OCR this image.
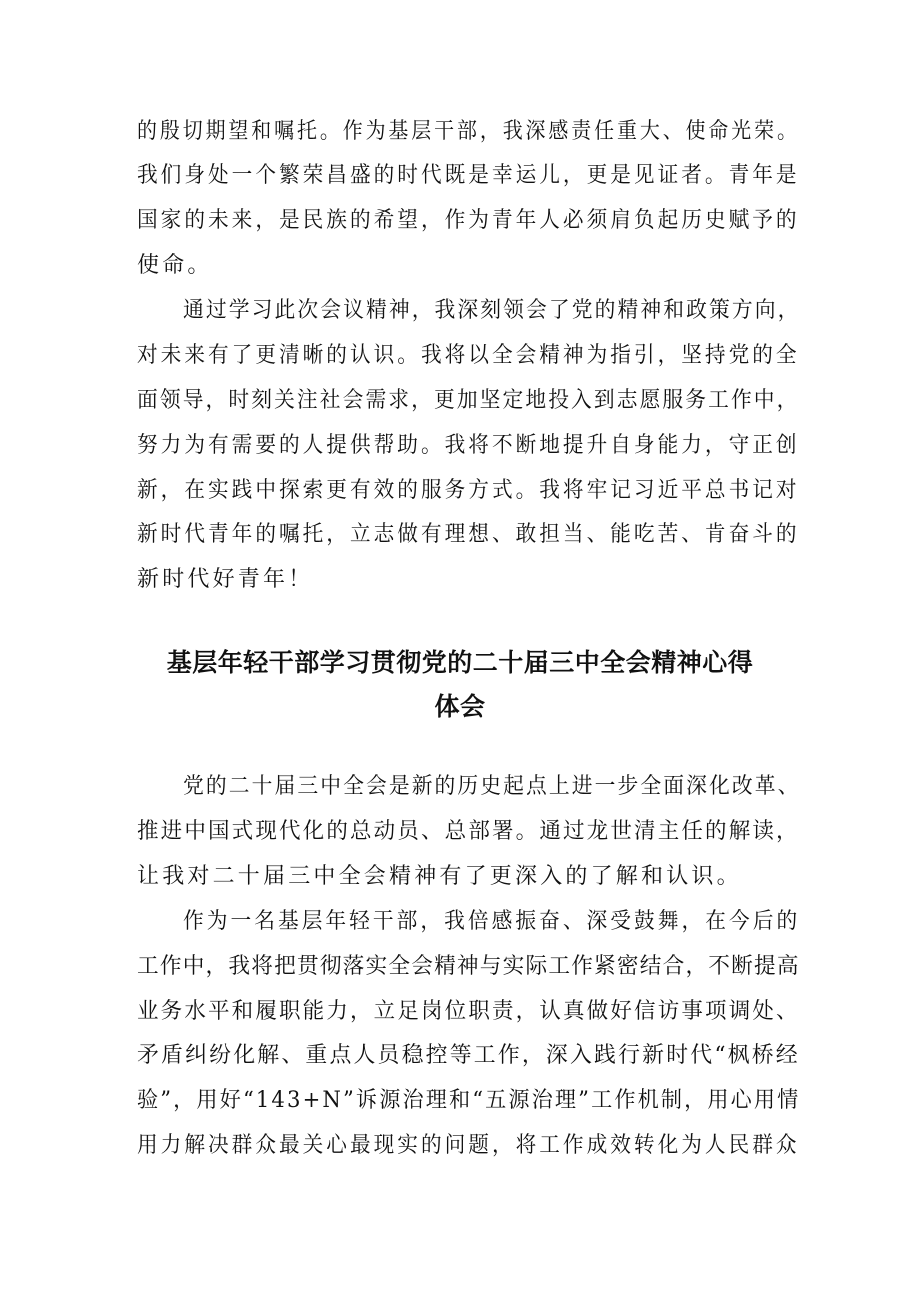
的殷切期望和嘱托。作为基层干部，我深感责任重大、使命光荣。

我们身处一个繁荣昌盛的时代既是幸运儿，更是见证者。青年是

国家的未来，是民族的希望，作为青年人必须肩负起历史赋予的

使命。

通过学习此次会议精神，我深刻领会了党的精神和政策方向，

对未来有了更清晰的认识。我将以全会精神为指引，坚持党的全

面领导，时刻关注社会需求，更加坚定地投入到志愿服务工作中，

努力为有需要的人提供帮助。我将不断地提升自身能力，守正创

新，在实践中探索更有效的服务方式。我将牢记习近平总书记对

新时代青年的嘱托，立志做有理想、敢担当、能吃苦、肯奋斗的

新时代好青年！

基层年轻干部学习贯彻党的二十届三中全会精神心得
体会

党的二十届三中全会是新的历史起点上进一步全面深化改革、

推进中国式现代化的总动员、总部署。通过龙世清主任的解读，

让我对二十届三中全会精神有了更深入的了解和认识。

作为一名基层年轻干部，我倍感振奋、深受鼓舞，在今后的

工作中，我将把贯彻落实全会精神与实际工作紧密结合，不断提高

业务水平和履职能力，立足岗位职责，认真做好信访事项调处、

矛盾纠纷化解、重点人员稳控等工作，深入践行新时代“枫桥经

验”，用好“143+N”诉源治理和“五源治理”工作机制，用心用情

用力解决群众最关心最现实的问题，将工作成效转化为人民群众
